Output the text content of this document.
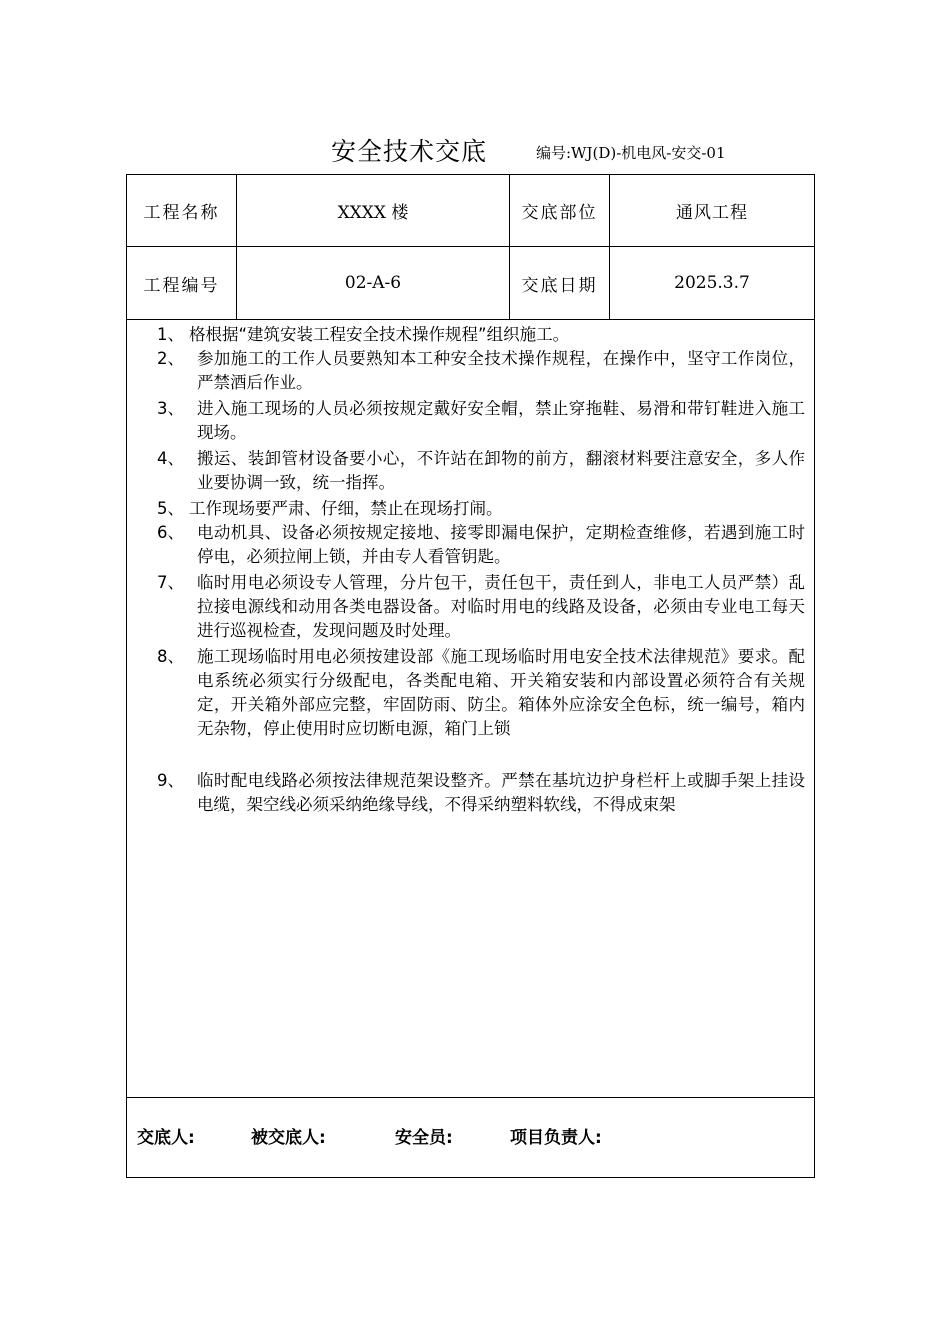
安全技术交底	编号:WJ(D)-机电风-安交-01
工程名称	XXXX 楼	交底部位	通风工程
工程编号	02-A-6	交底日期	2025.3.7
1、 格根据“建筑安装工程安全技术操作规程”组织施工。
2、 参加施工的工作人员要熟知本工种安全技术操作规程，在操作中，坚守工作岗位，严禁酒后作业。
3、 进入施工现场的人员必须按规定戴好安全帽，禁止穿拖鞋、易滑和带钉鞋进入施工现场。
4、 搬运、装卸管材设备要小心，不许站在卸物的前方，翻滚材料要注意安全，多人作业要协调一致，统一指挥。
5、 工作现场要严肃、仔细，禁止在现场打闹。
6、 电动机具、设备必须按规定接地、接零即漏电保护，定期检查维修，若遇到施工时停电，必须拉闸上锁，并由专人看管钥匙。
7、 临时用电必须设专人管理，分片包干，责任包干，责任到人，非电工人员严禁）乱拉接电源线和动用各类电器设备。对临时用电的线路及设备，必须由专业电工每天进行巡视检查，发现问题及时处理。
8、 施工现场临时用电必须按建设部《施工现场临时用电安全技术法律规范》要求。配电系统必须实行分级配电，各类配电箱、开关箱安装和内部设置必须符合有关规定，开关箱外部应完整，牢固防雨、防尘。箱体外应涂安全色标，统一编号，箱内无杂物，停止使用时应切断电源，箱门上锁
9、 临时配电线路必须按法律规范架设整齐。严禁在基坑边护身栏杆上或脚手架上挂设电缆，架空线必须采纳绝缘导线，不得采纳塑料软线，不得成束架
交底人:	被交底人:	安全员:	项目负责人:
